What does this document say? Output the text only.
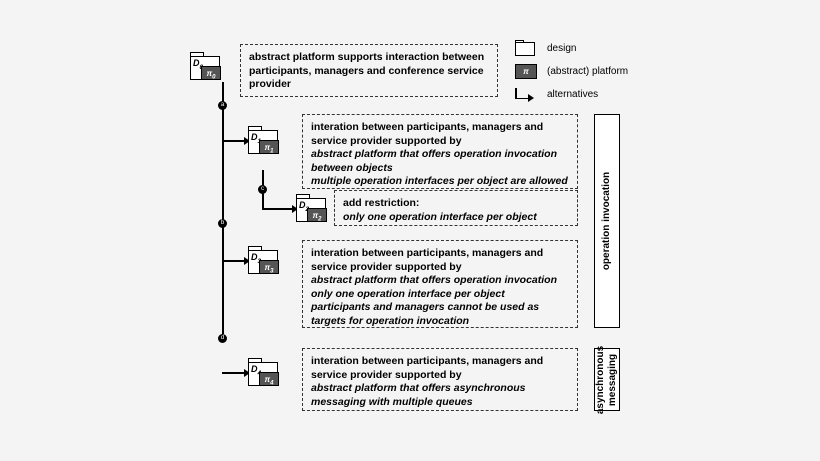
design
π	(abstract) platform
alternatives
a
b
c
d
D
$\pi_0$
D
$\pi_1$
D
$\pi_2$
D
$\pi_3$
D
$\pi_4$
abstract platform supports interaction between
participants, managers and conference service
provider
interation between participants, managers and
service provider supported by
abstract platform that offers operation invocation
between objects
multiple operation interfaces per object are allowed
add restriction:
only one operation interface per object
interation between participants, managers and
service provider supported by
abstract platform that offers operation invocation
only one operation interface per object
participants and managers cannot be used as
targets for operation invocation
interation between participants, managers and
service provider supported by
abstract platform that offers asynchronous
messaging with multiple queues
operation invocation
asynchronous messaging
